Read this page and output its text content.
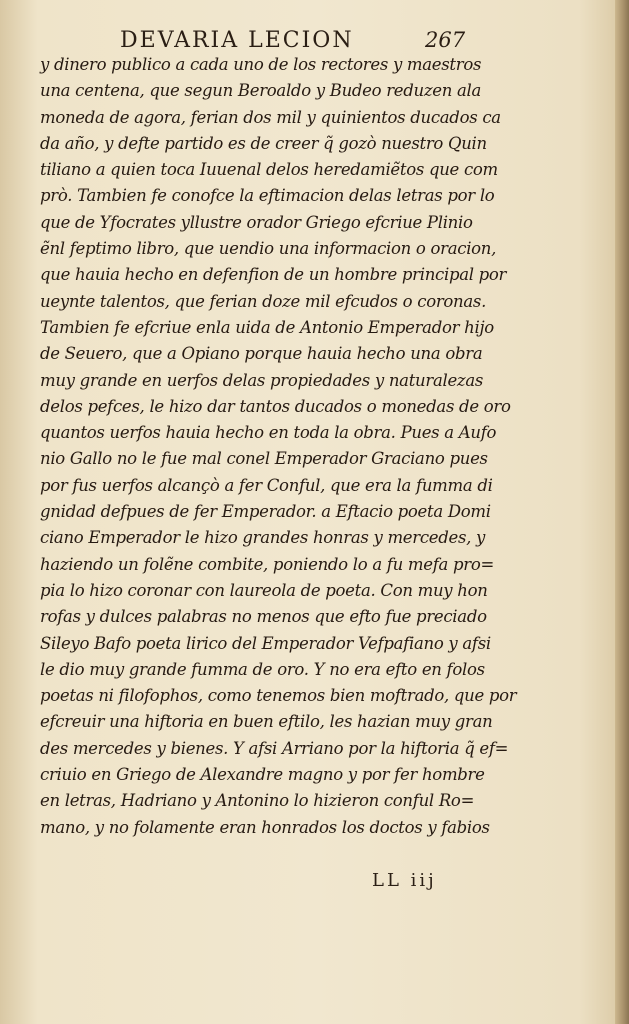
DEVARIA LECION	267
y dinero publico a cada uno de los rectores y maestros
una centena, que segun Beroaldo y Budeo reduzen ala
moneda de agora, ferian dos mil y quinientos ducados ca
da año, y defte partido es de creer q̃ gozò nuestro Quin
tiliano a quien toca Iuuenal delos heredamiẽtos que com
prò. Tambien fe conofce la eftimacion delas letras por lo
que de Yfocrates yllustre orador Griego efcriue Plinio
ẽnl feptimo libro, que uendio una informacion o oracion,
que hauia hecho en defenfion de un hombre principal por
ueynte talentos, que ferian doze mil efcudos o coronas.
Tambien fe efcriue enla uida de Antonio Emperador hijo
de Seuero, que a Opiano porque hauia hecho una obra
muy grande en uerfos delas propiedades y naturalezas
delos pefces, le hizo dar tantos ducados o monedas de oro
quantos uerfos hauia hecho en toda la obra. Pues a Aufo
nio Gallo no le fue mal conel Emperador Graciano pues
por fus uerfos alcançò a fer Conful, que era la fumma di
gnidad defpues de fer Emperador. a Eftacio poeta Domi
ciano Emperador le hizo grandes honras y mercedes, y
haziendo un folẽne combite, poniendo lo a fu mefa pro=
pia lo hizo coronar con laureola de poeta. Con muy hon
rofas y dulces palabras no menos que efto fue preciado
Sileyo Bafo poeta lirico del Emperador Vefpafiano y afsi
le dio muy grande fumma de oro. Y no era efto en folos
poetas ni filofophos, como tenemos bien moftrado, que por
efcreuir una hiftoria en buen eftilo, les hazian muy gran
des mercedes y bienes. Y afsi Arriano por la hiftoria q̃ ef=
criuio en Griego de Alexandre magno y por fer hombre
en letras, Hadriano y Antonino lo hizieron conful Ro=
mano, y no folamente eran honrados los doctos y fabios
LL iij
